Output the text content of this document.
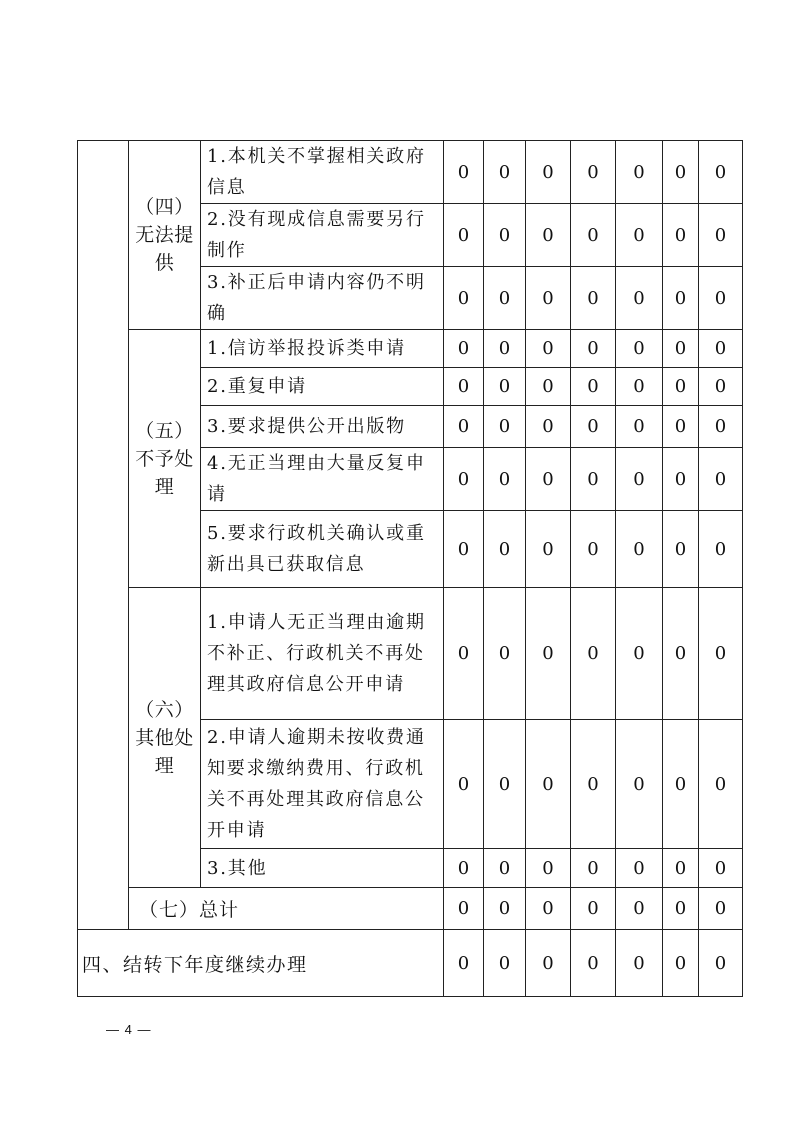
	（四）无法提供	1.本机关不掌握相关政府信息	0	0	0	0	0	0	0
		2.没有现成信息需要另行制作	0	0	0	0	0	0	0
		3.补正后申请内容仍不明确	0	0	0	0	0	0	0
	（五）不予处理	1.信访举报投诉类申请	0	0	0	0	0	0	0
		2.重复申请	0	0	0	0	0	0	0
		3.要求提供公开出版物	0	0	0	0	0	0	0
		4.无正当理由大量反复申请	0	0	0	0	0	0	0
		5.要求行政机关确认或重新出具已获取信息	0	0	0	0	0	0	0
	（六）其他处理	1.申请人无正当理由逾期不补正、行政机关不再处理其政府信息公开申请	0	0	0	0	0	0	0
		2.申请人逾期未按收费通知要求缴纳费用、行政机关不再处理其政府信息公开申请	0	0	0	0	0	0	0
		3.其他	0	0	0	0	0	0	0
	（七）总计		0	0	0	0	0	0	0
四、结转下年度继续办理			0	0	0	0	0	0	0
— 4 —
